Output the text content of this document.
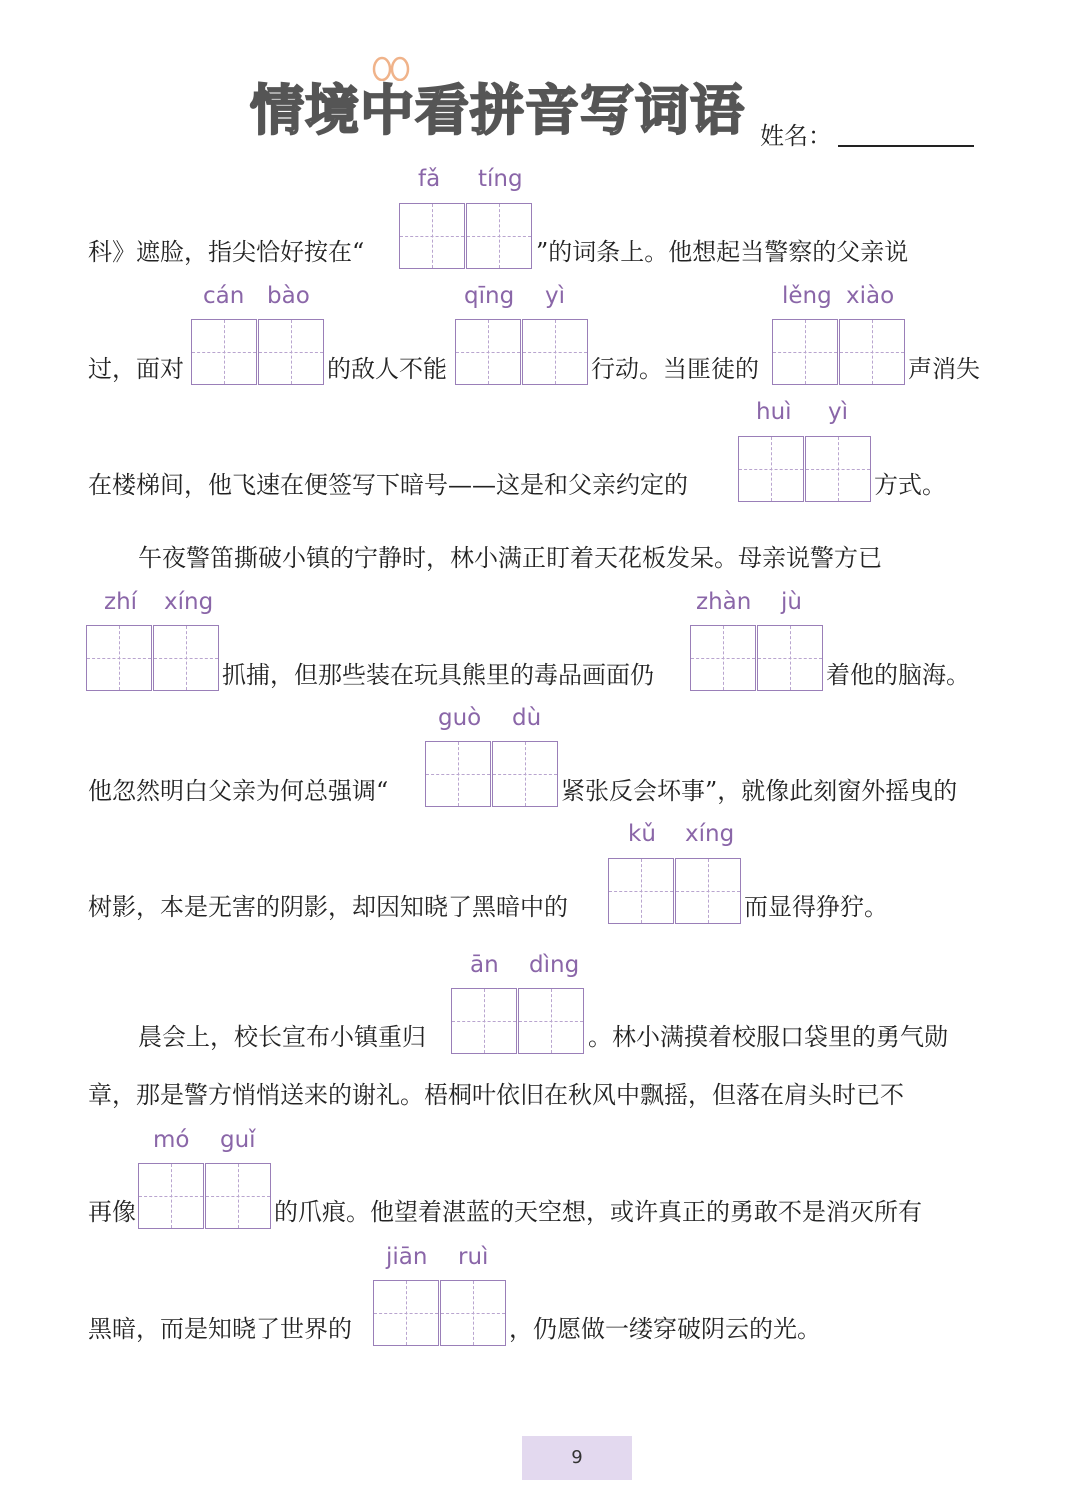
情境中看拼音写词语 姓名：
fǎ tíng
科》遮脸，指尖恰好按在“	”的词条上。他想起当警察的父亲说
cán bào	qīng yì	lěng xiào
过，面对	的敌人不能	行动。当匪徒的	声消失
huì yì
在楼梯间，他飞速在便签写下暗号——这是和父亲约定的	方式。
午夜警笛撕破小镇的宁静时，林小满正盯着天花板发呆。母亲说警方已
zhí xíng	zhàn jù
抓捕，但那些装在玩具熊里的毒品画面仍	着他的脑海。
guò dù
他忽然明白父亲为何总强调“	紧张反会坏事”，就像此刻窗外摇曳的
kǔ xíng
树影，本是无害的阴影，却因知晓了黑暗中的	而显得狰狞。
ān dìng
晨会上，校长宣布小镇重归	。林小满摸着校服口袋里的勇气勋
章，那是警方悄悄送来的谢礼。梧桐叶依旧在秋风中飘摇，但落在肩头时已不
mó guǐ
再像	的爪痕。他望着湛蓝的天空想，或许真正的勇敢不是消灭所有
jiān ruì
黑暗，而是知晓了世界的	，仍愿做一缕穿破阴云的光。
9
